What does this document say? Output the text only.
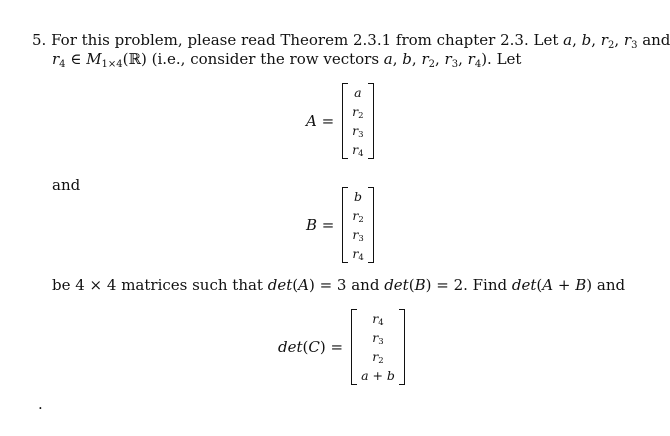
5. For this problem, please read Theorem 2.3.1 from chapter 2.3. Let a, b, $r_2$, $r_3$ and
$r_4$ ∈ $M_{1\times 4}(ℝ)$ (i.e., consider the row vectors a, b, $r_2$, $r_3$, $r_4$). Let
A =
a
r2
r3
r4
and
B =
b
r2
r3
r4
be 4 × 4 matrices such that det(A) = 3 and det(B) = 2. Find det(A + B) and
det(C) =
r4
r3
r2
a + b
.
